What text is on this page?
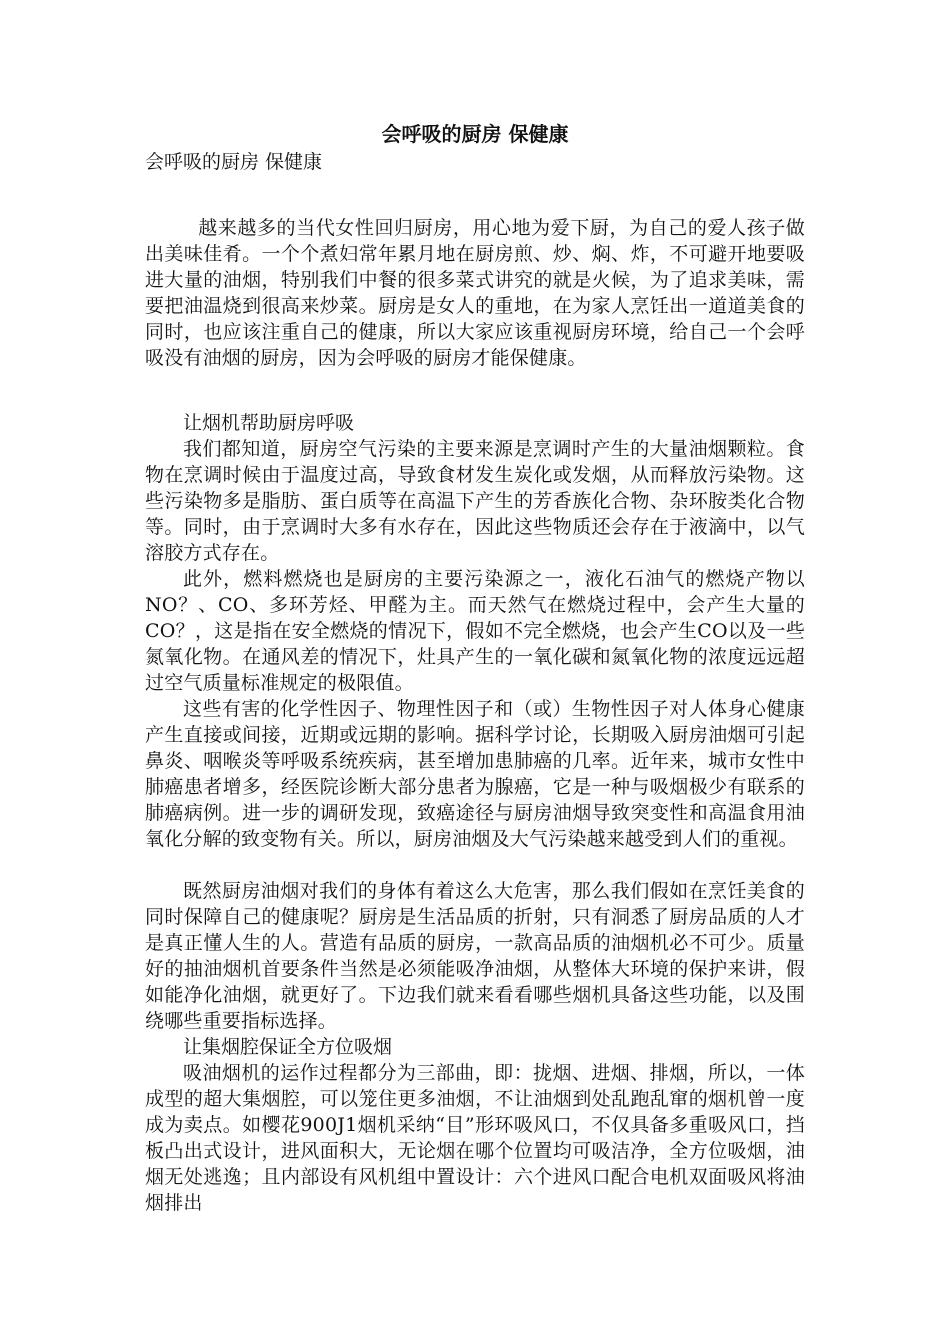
会呼吸的厨房 保健康
会呼吸的厨房 保健康

越来越多的当代女性回归厨房，用心地为爱下厨，为自己的爱人孩子做出美味佳肴。一个个煮妇常年累月地在厨房煎、炒、焖、炸，不可避开地要吸进大量的油烟，特别我们中餐的很多菜式讲究的就是火候，为了追求美味，需要把油温烧到很高来炒菜。厨房是女人的重地，在为家人烹饪出一道道美食的同时，也应该注重自己的健康，所以大家应该重视厨房环境，给自己一个会呼吸没有油烟的厨房，因为会呼吸的厨房才能保健康。

让烟机帮助厨房呼吸

我们都知道，厨房空气污染的主要来源是烹调时产生的大量油烟颗粒。食物在烹调时候由于温度过高，导致食材发生炭化或发烟，从而释放污染物。这些污染物多是脂肪、蛋白质等在高温下产生的芳香族化合物、杂环胺类化合物等。同时，由于烹调时大多有水存在，因此这些物质还会存在于液滴中，以气溶胶方式存在。

此外，燃料燃烧也是厨房的主要污染源之一，液化石油气的燃烧产物以NO？、CO、多环芳烃、甲醛为主。而天然气在燃烧过程中，会产生大量的CO？，这是指在安全燃烧的情况下，假如不完全燃烧，也会产生CO以及一些氮氧化物。在通风差的情况下，灶具产生的一氧化碳和氮氧化物的浓度远远超过空气质量标准规定的极限值。

这些有害的化学性因子、物理性因子和（或）生物性因子对人体身心健康产生直接或间接，近期或远期的影响。据科学讨论，长期吸入厨房油烟可引起鼻炎、咽喉炎等呼吸系统疾病，甚至增加患肺癌的几率。近年来，城市女性中肺癌患者增多，经医院诊断大部分患者为腺癌，它是一种与吸烟极少有联系的肺癌病例。进一步的调研发现，致癌途径与厨房油烟导致突变性和高温食用油氧化分解的致变物有关。所以，厨房油烟及大气污染越来越受到人们的重视。

既然厨房油烟对我们的身体有着这么大危害，那么我们假如在烹饪美食的同时保障自己的健康呢？厨房是生活品质的折射，只有洞悉了厨房品质的人才是真正懂人生的人。营造有品质的厨房，一款高品质的油烟机必不可少。质量好的抽油烟机首要条件当然是必须能吸净油烟，从整体大环境的保护来讲，假如能净化油烟，就更好了。下边我们就来看看哪些烟机具备这些功能，以及围绕哪些重要指标选择。

让集烟腔保证全方位吸烟

吸油烟机的运作过程都分为三部曲，即：拢烟、进烟、排烟，所以，一体成型的超大集烟腔，可以笼住更多油烟，不让油烟到处乱跑乱窜的烟机曾一度成为卖点。如樱花900J1烟机采纳“目”形环吸风口，不仅具备多重吸风口，挡板凸出式设计，进风面积大，无论烟在哪个位置均可吸洁净，全方位吸烟，油烟无处逃逸；且内部设有风机组中置设计：六个进风口配合电机双面吸风将油烟排出
